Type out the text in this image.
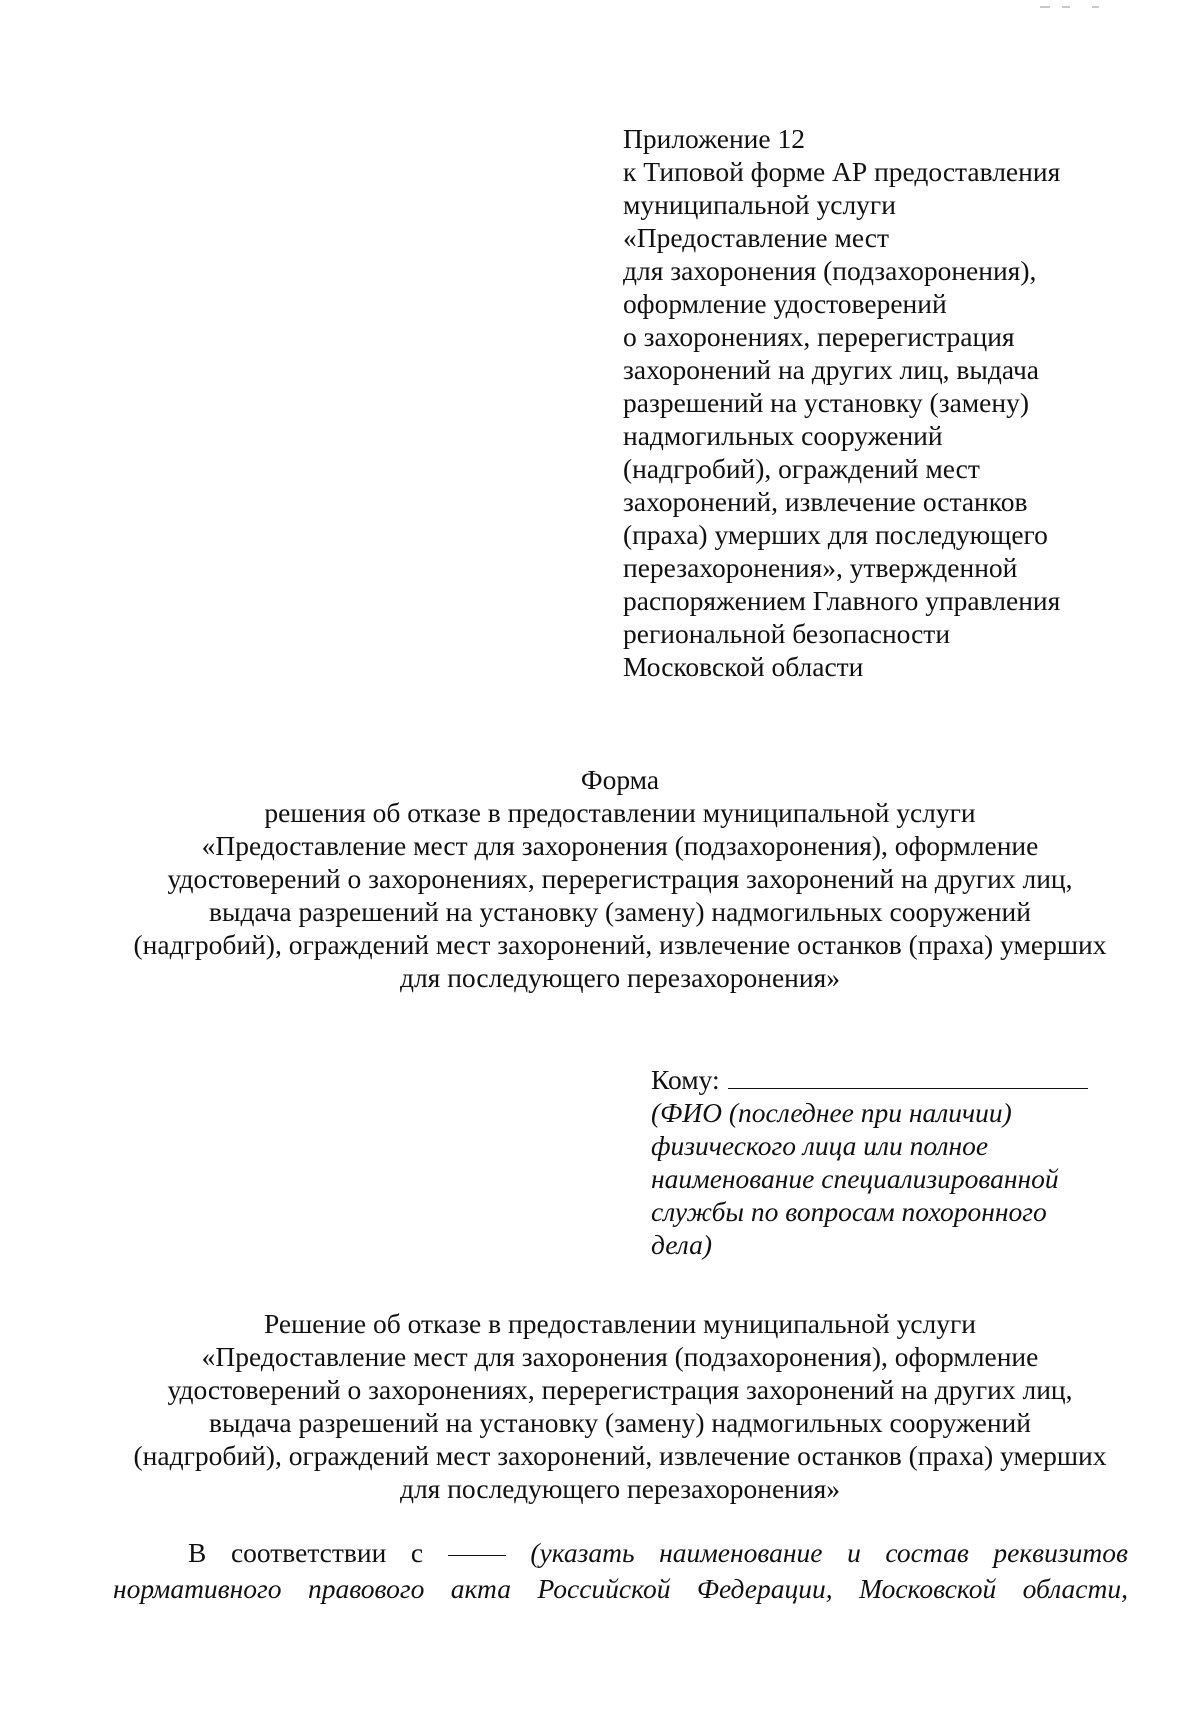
Приложение 12
к Типовой форме АР предоставления
муниципальной услуги
«Предоставление мест
для захоронения (подзахоронения),
оформление удостоверений
о захоронениях, перерегистрация
захоронений на других лиц, выдача
разрешений на установку (замену)
надмогильных сооружений
(надгробий), ограждений мест
захоронений, извлечение останков
(праха) умерших для последующего
перезахоронения», утвержденной
распоряжением Главного управления
региональной безопасности
Московской области
Форма
решения об отказе в предоставлении муниципальной услуги
«Предоставление мест для захоронения (подзахоронения), оформление
удостоверений о захоронениях, перерегистрация захоронений на других лиц,
выдача разрешений на установку (замену) надмогильных сооружений
(надгробий), ограждений мест захоронений, извлечение останков (праха) умерших
для последующего перезахоронения»
Кому:
(ФИО (последнее при наличии)
физического лица или полное
наименование специализированной
службы по вопросам похоронного
дела)
Решение об отказе в предоставлении муниципальной услуги
«Предоставление мест для захоронения (подзахоронения), оформление
удостоверений о захоронениях, перерегистрация захоронений на других лиц,
выдача разрешений на установку (замену) надмогильных сооружений
(надгробий), ограждений мест захоронений, извлечение останков (праха) умерших
для последующего перезахоронения»
В соответствии с	(указать наименование и состав реквизитов
нормативного правового акта Российской Федерации, Московской области,
